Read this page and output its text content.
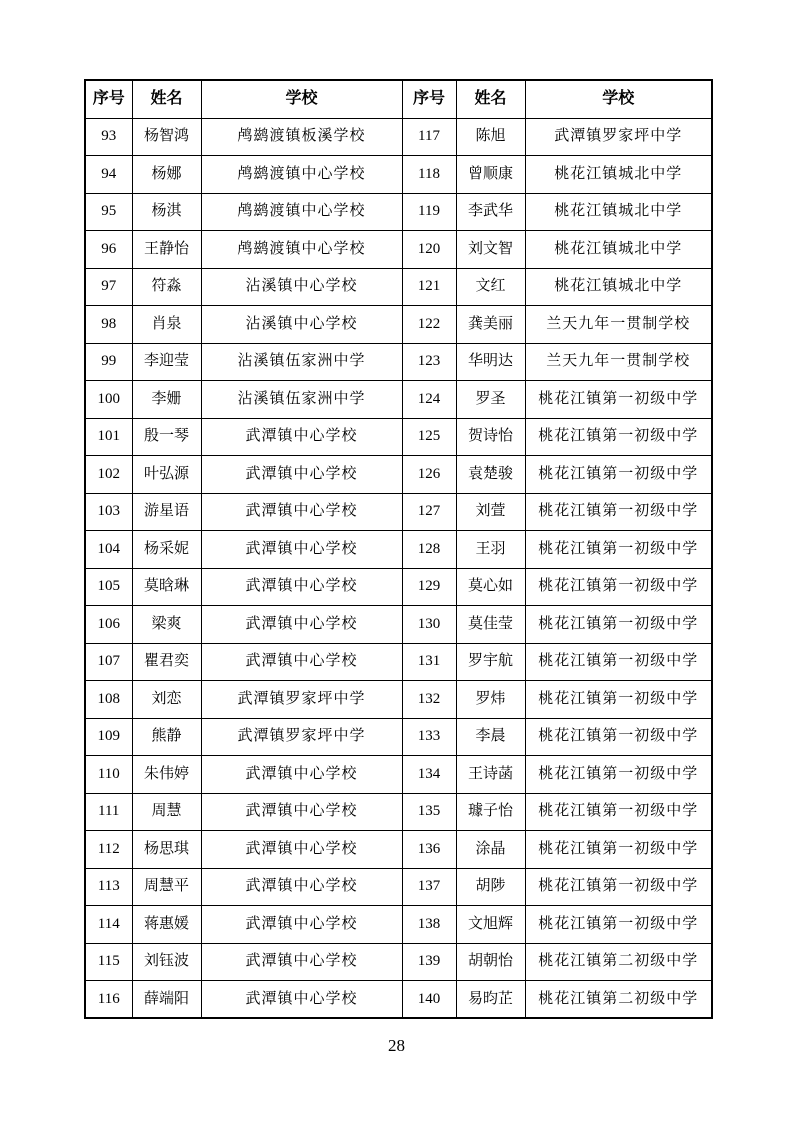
序号	姓名	学校	序号	姓名	学校
93	杨智鸿	鸬鹚渡镇板溪学校	117	陈旭	武潭镇罗家坪中学
94	杨娜	鸬鹚渡镇中心学校	118	曾顺康	桃花江镇城北中学
95	杨淇	鸬鹚渡镇中心学校	119	李武华	桃花江镇城北中学
96	王静怡	鸬鹚渡镇中心学校	120	刘文智	桃花江镇城北中学
97	符淼	沾溪镇中心学校	121	文红	桃花江镇城北中学
98	肖泉	沾溪镇中心学校	122	龚美丽	兰天九年一贯制学校
99	李迎莹	沾溪镇伍家洲中学	123	华明达	兰天九年一贯制学校
100	李姗	沾溪镇伍家洲中学	124	罗圣	桃花江镇第一初级中学
101	殷一琴	武潭镇中心学校	125	贺诗怡	桃花江镇第一初级中学
102	叶弘源	武潭镇中心学校	126	袁楚骏	桃花江镇第一初级中学
103	游星语	武潭镇中心学校	127	刘萱	桃花江镇第一初级中学
104	杨采妮	武潭镇中心学校	128	王羽	桃花江镇第一初级中学
105	莫晗琳	武潭镇中心学校	129	莫心如	桃花江镇第一初级中学
106	梁爽	武潭镇中心学校	130	莫佳莹	桃花江镇第一初级中学
107	瞿君奕	武潭镇中心学校	131	罗宇航	桃花江镇第一初级中学
108	刘恋	武潭镇罗家坪中学	132	罗炜	桃花江镇第一初级中学
109	熊静	武潭镇罗家坪中学	133	李晨	桃花江镇第一初级中学
110	朱伟婷	武潭镇中心学校	134	王诗菡	桃花江镇第一初级中学
111	周慧	武潭镇中心学校	135	璩子怡	桃花江镇第一初级中学
112	杨思琪	武潭镇中心学校	136	涂晶	桃花江镇第一初级中学
113	周慧平	武潭镇中心学校	137	胡陟	桃花江镇第一初级中学
114	蒋惠媛	武潭镇中心学校	138	文旭辉	桃花江镇第一初级中学
115	刘钰波	武潭镇中心学校	139	胡朝怡	桃花江镇第二初级中学
116	薛端阳	武潭镇中心学校	140	易昀芷	桃花江镇第二初级中学
28
